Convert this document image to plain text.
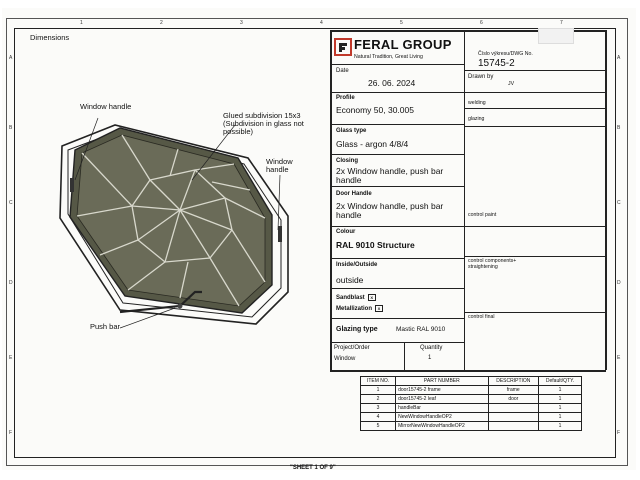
1	2	3	4	5	6	7
A
B
C
D
E
F
A
B
C
D
E
F
Dimensions
Window handle
Glued subdivision 15x3 (Subdivision in glass not possible)
Window handle
Push bar
FERAL GROUP
Natural Tradition, Great Living	Číslo výkresu/DWG No.
15745-2
Date
26. 06. 2024
Drawn by
JV
Profile
Economy 50, 30.005
welding
glazing
Glass type
Glass - argon 4/8/4
Closing
2x Window handle, push bar handle
Door Handle
2x Window handle, push bar handle	control paint
Colour
RAL 9010 Structure
control components+ straightening
Inside/Outside
outside
Sandblast X
Metallization X
control final
Glazing type	Mastic RAL 9010
Project/Order
Window
Quantity
1
ITEM NO.	PART NUMBER	DESCRIPTION	Default/QTY.
1	door15745-2 frame	frame	1
2	door15745-2 leaf	door	1
3	handleBar		1
4	NewWindowHandleOP2		1
5	MirrorNewWindowHandleOP2		1
"SHEET 1 OF 9"
